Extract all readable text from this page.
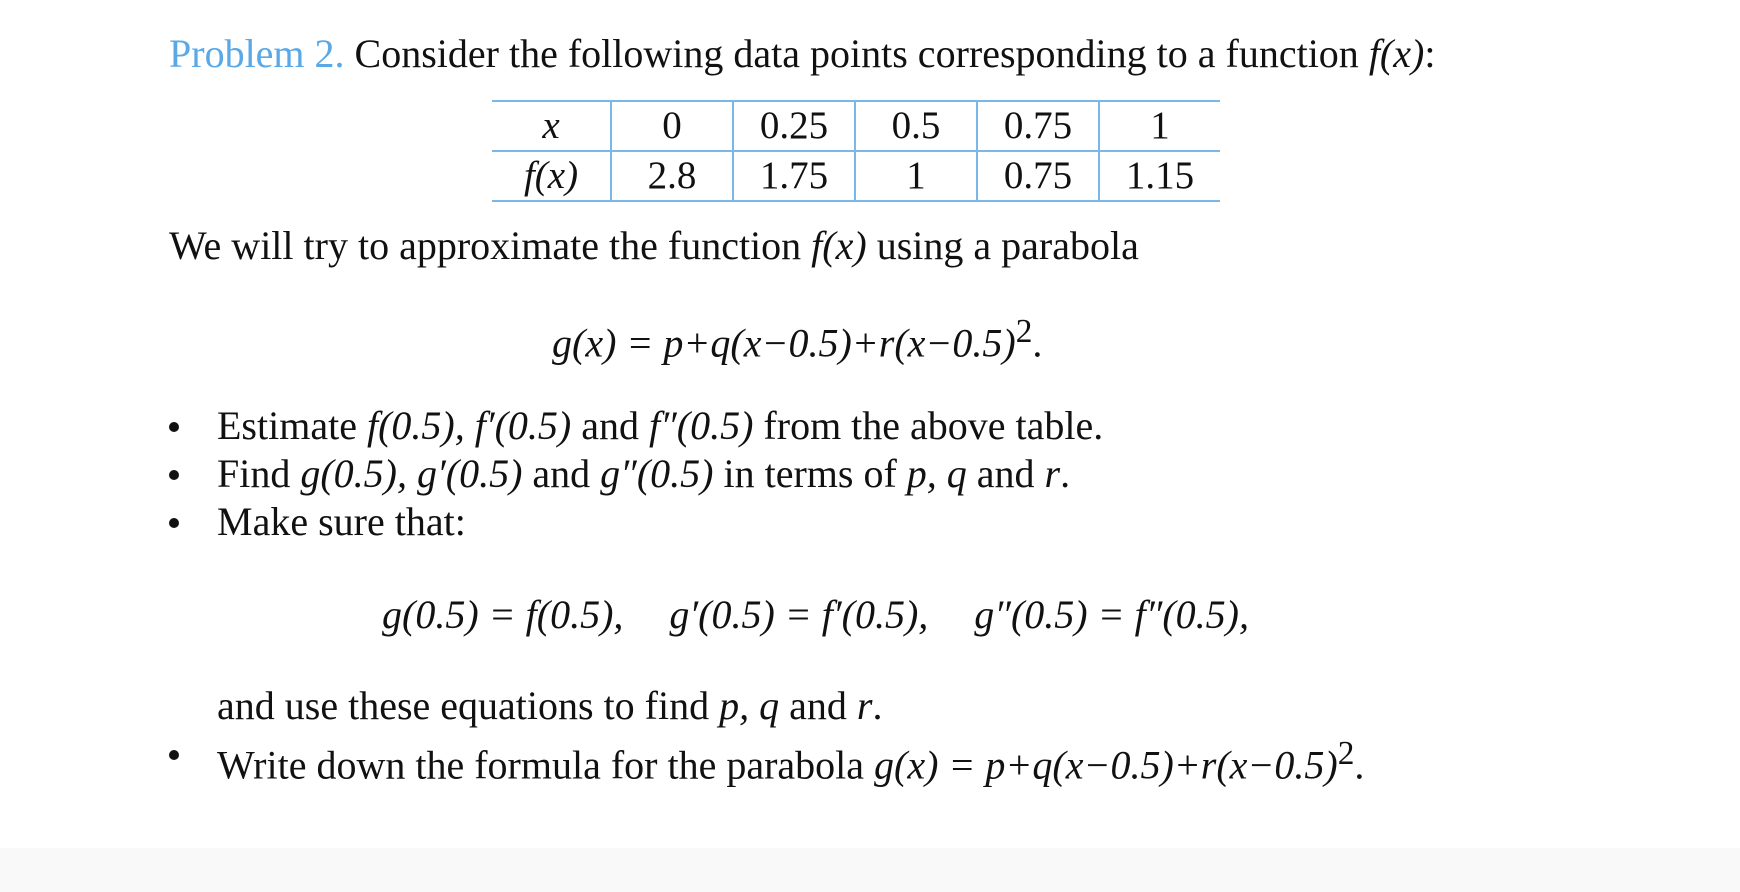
Problem 2. Consider the following data points corresponding to a function f(x):
x	0	0.25	0.5	0.75	1
f(x)	2.8	1.75	1	0.75	1.15
We will try to approximate the function f(x) using a parabola
$g(x) = p+q(x-0.5)+r(x-0.5)^2$.
Estimate f(0.5), f′(0.5) and f″(0.5) from the above table.
Find g(0.5), g′(0.5) and g″(0.5) in terms of p, q and r.
Make sure that:
g(0.5) = f(0.5), g′(0.5) = f′(0.5), g″(0.5) = f″(0.5),
and use these equations to find p, q and r.
Write down the formula for the parabola $g(x) = p+q(x-0.5)+r(x-0.5)^2$.
